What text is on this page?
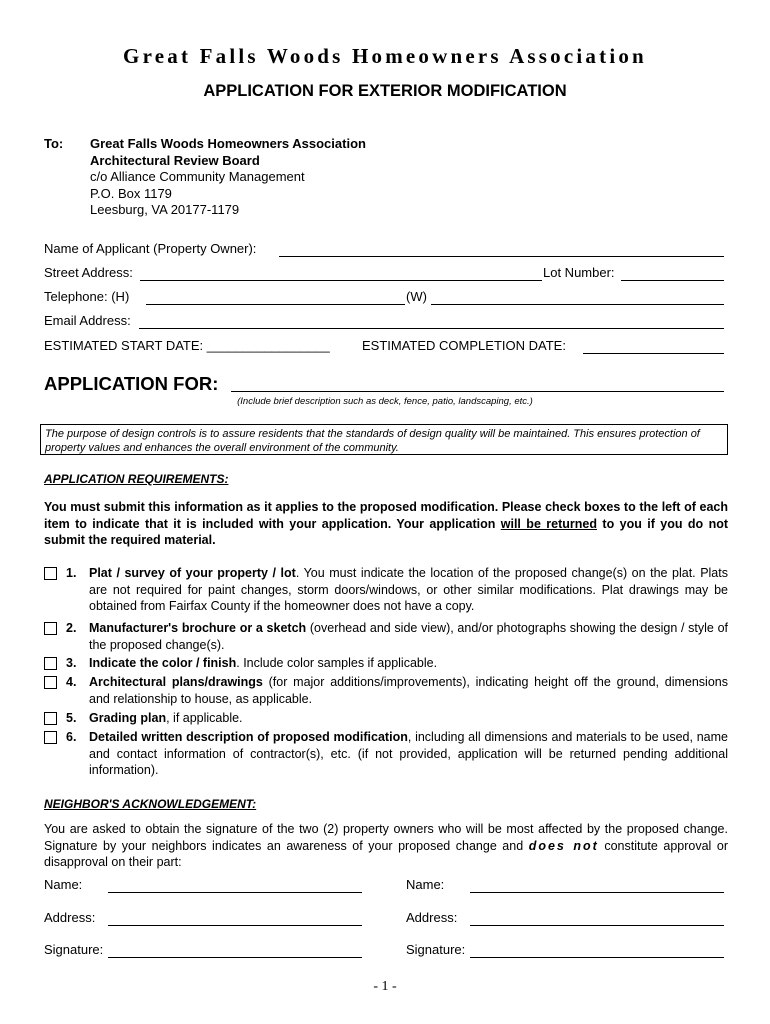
Great Falls Woods Homeowners Association
APPLICATION FOR EXTERIOR MODIFICATION
To: Great Falls Woods Homeowners Association
Architectural Review Board
c/o Alliance Community Management
P.O. Box 1179
Leesburg, VA 20177-1179
Name of Applicant (Property Owner):
Street Address:	Lot Number:
Telephone: (H)	(W)
Email Address:
ESTIMATED START DATE: _________________ ESTIMATED COMPLETION DATE:
APPLICATION FOR:
(Include brief description such as deck, fence, patio, landscaping, etc.)
The purpose of design controls is to assure residents that the standards of design quality will be maintained. This ensures protection of property values and enhances the overall environment of the community.
APPLICATION REQUIREMENTS:
You must submit this information as it applies to the proposed modification. Please check boxes to the left of each item to indicate that it is included with your application. Your application will be returned to you if you do not submit the required material.
1. Plat / survey of your property / lot. You must indicate the location of the proposed change(s) on the plat. Plats are not required for paint changes, storm doors/windows, or other similar modifications. Plat drawings may be obtained from Fairfax County if the homeowner does not have a copy.
2. Manufacturer's brochure or a sketch (overhead and side view), and/or photographs showing the design / style of the proposed change(s).
3. Indicate the color / finish. Include color samples if applicable.
4. Architectural plans/drawings (for major additions/improvements), indicating height off the ground, dimensions and relationship to house, as applicable.
5. Grading plan, if applicable.
6. Detailed written description of proposed modification, including all dimensions and materials to be used, name and contact information of contractor(s), etc. (if not provided, application will be returned pending additional information).
NEIGHBOR'S ACKNOWLEDGEMENT:
You are asked to obtain the signature of the two (2) property owners who will be most affected by the proposed change. Signature by your neighbors indicates an awareness of your proposed change and does not constitute approval or disapproval on their part:
Name:
Address:
Signature:
Name:
Address:
Signature:
- 1 -
